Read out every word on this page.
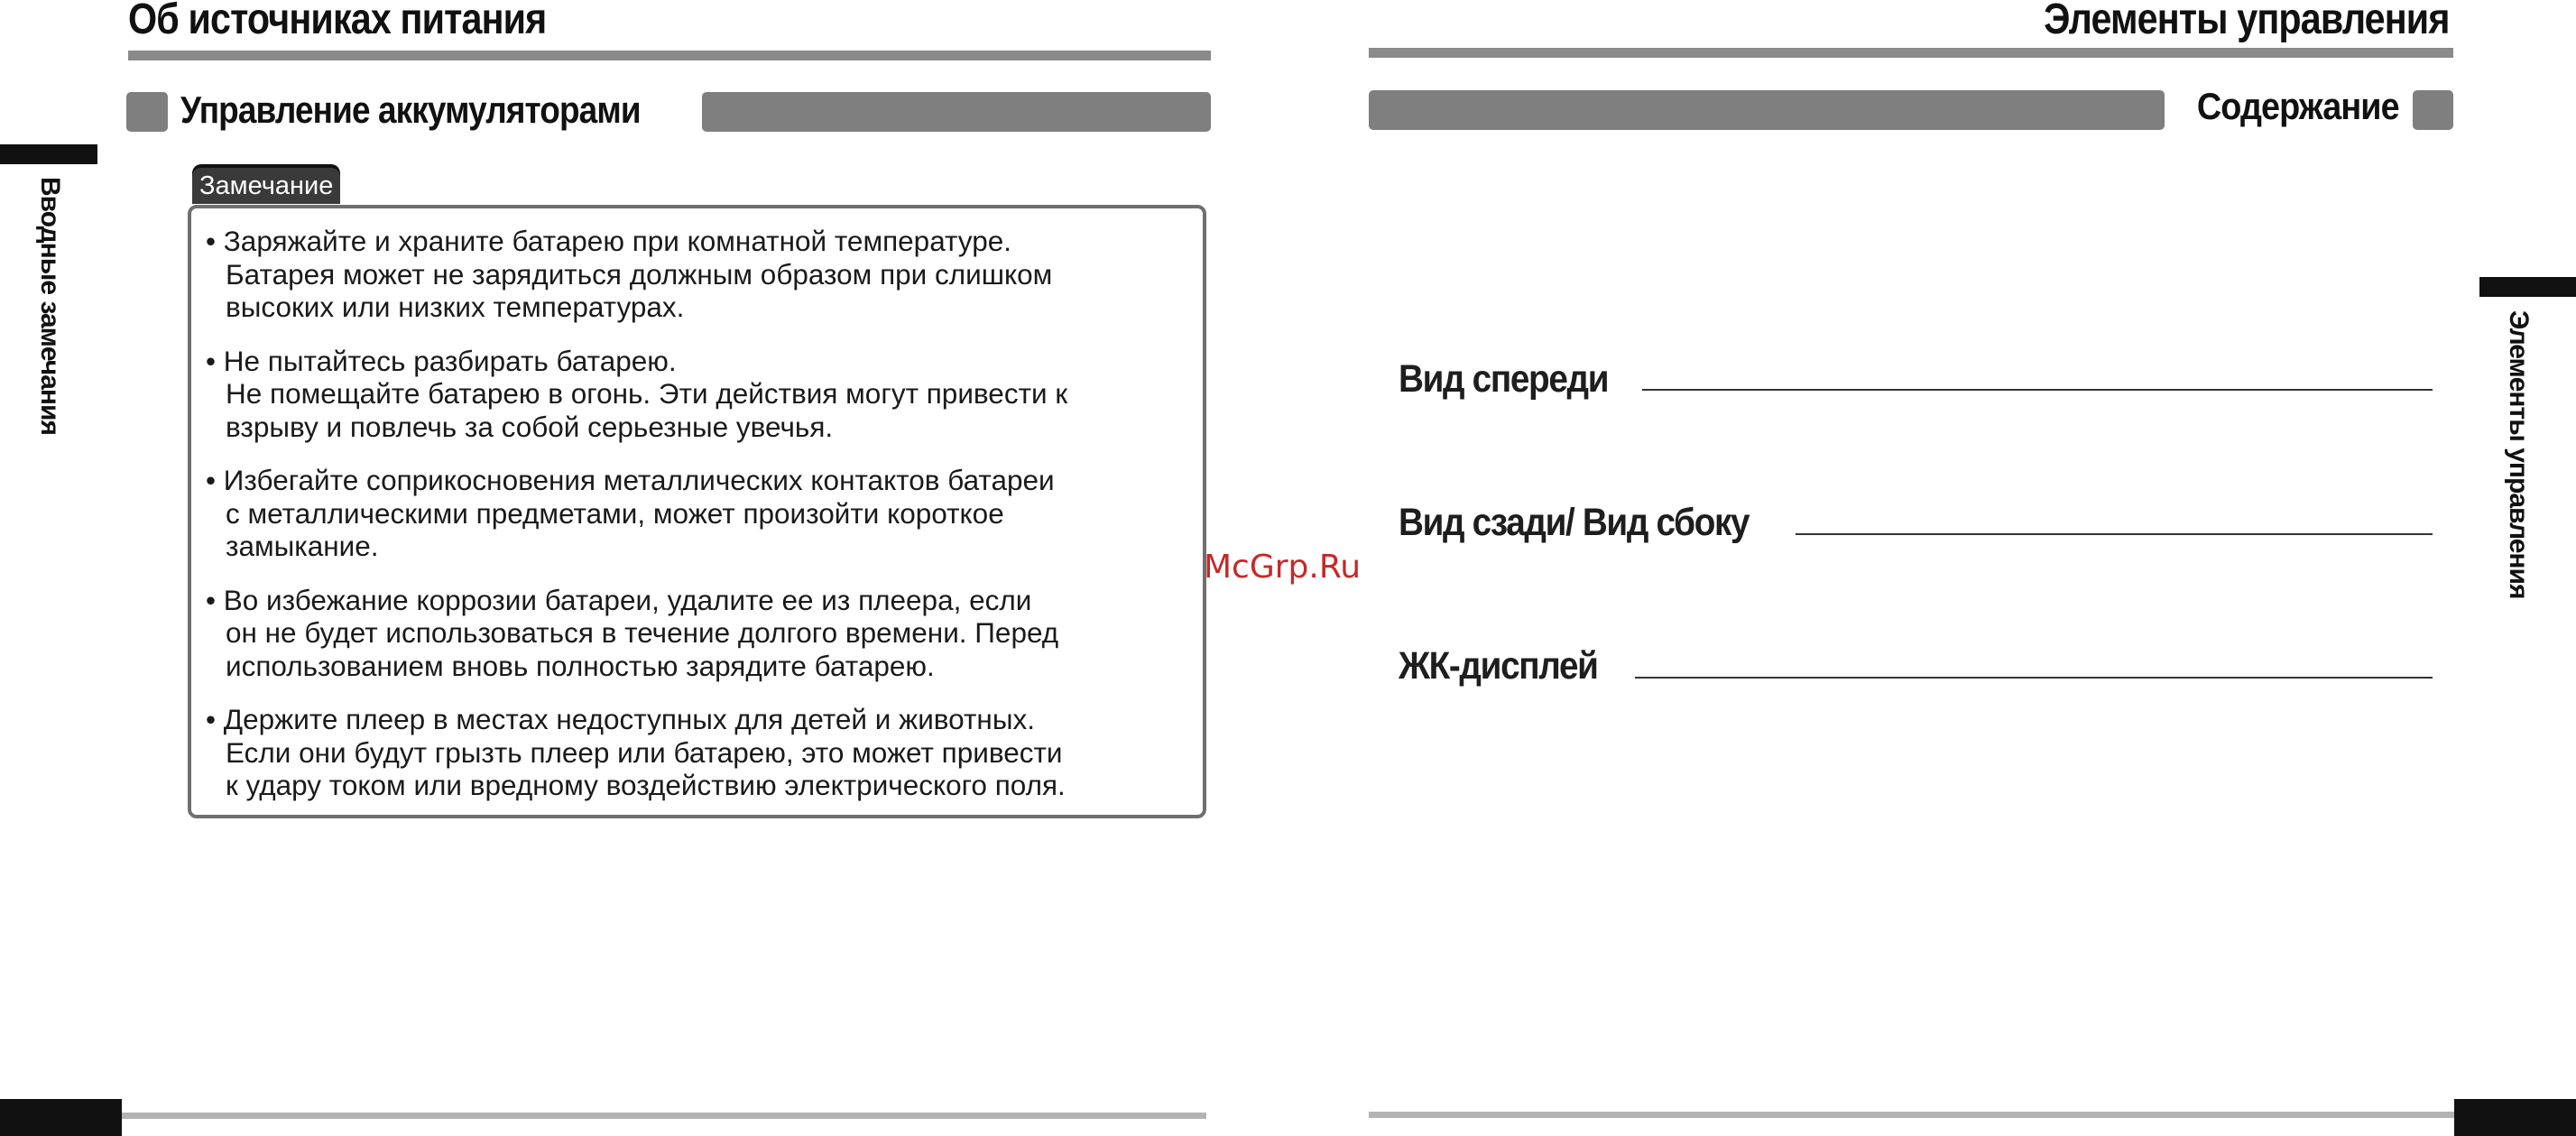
Об источниках питания
Управление аккумуляторами
Замечание
• Заряжайте и храните батарею при комнатной температуре.
Батарея может не зарядиться должным образом при слишком
высоких или низких температурах.
• Не пытайтесь разбирать батарею.
Не помещайте батарею в огонь. Эти действия могут привести к
взрыву и повлечь за собой серьезные увечья.
• Избегайте соприкосновения металлических контактов батареи
с металлическими предметами, может произойти короткое
замыкание.
• Во избежание коррозии батареи, удалите ее из плеера, если
он не будет использоваться в течение долгого времени. Перед
использованием вновь полностью зарядите батарею.
• Держите плеер в местах недоступных для детей и животных.
Если они будут грызть плеер или батарею, это может привести
к удару током или вредному воздействию электрического поля.
Вводные замечания
McGrp.Ru
Элементы управления
Содержание
Вид спереди
Вид сзади/ Вид сбоку
ЖК-дисплей
Элементы управления
